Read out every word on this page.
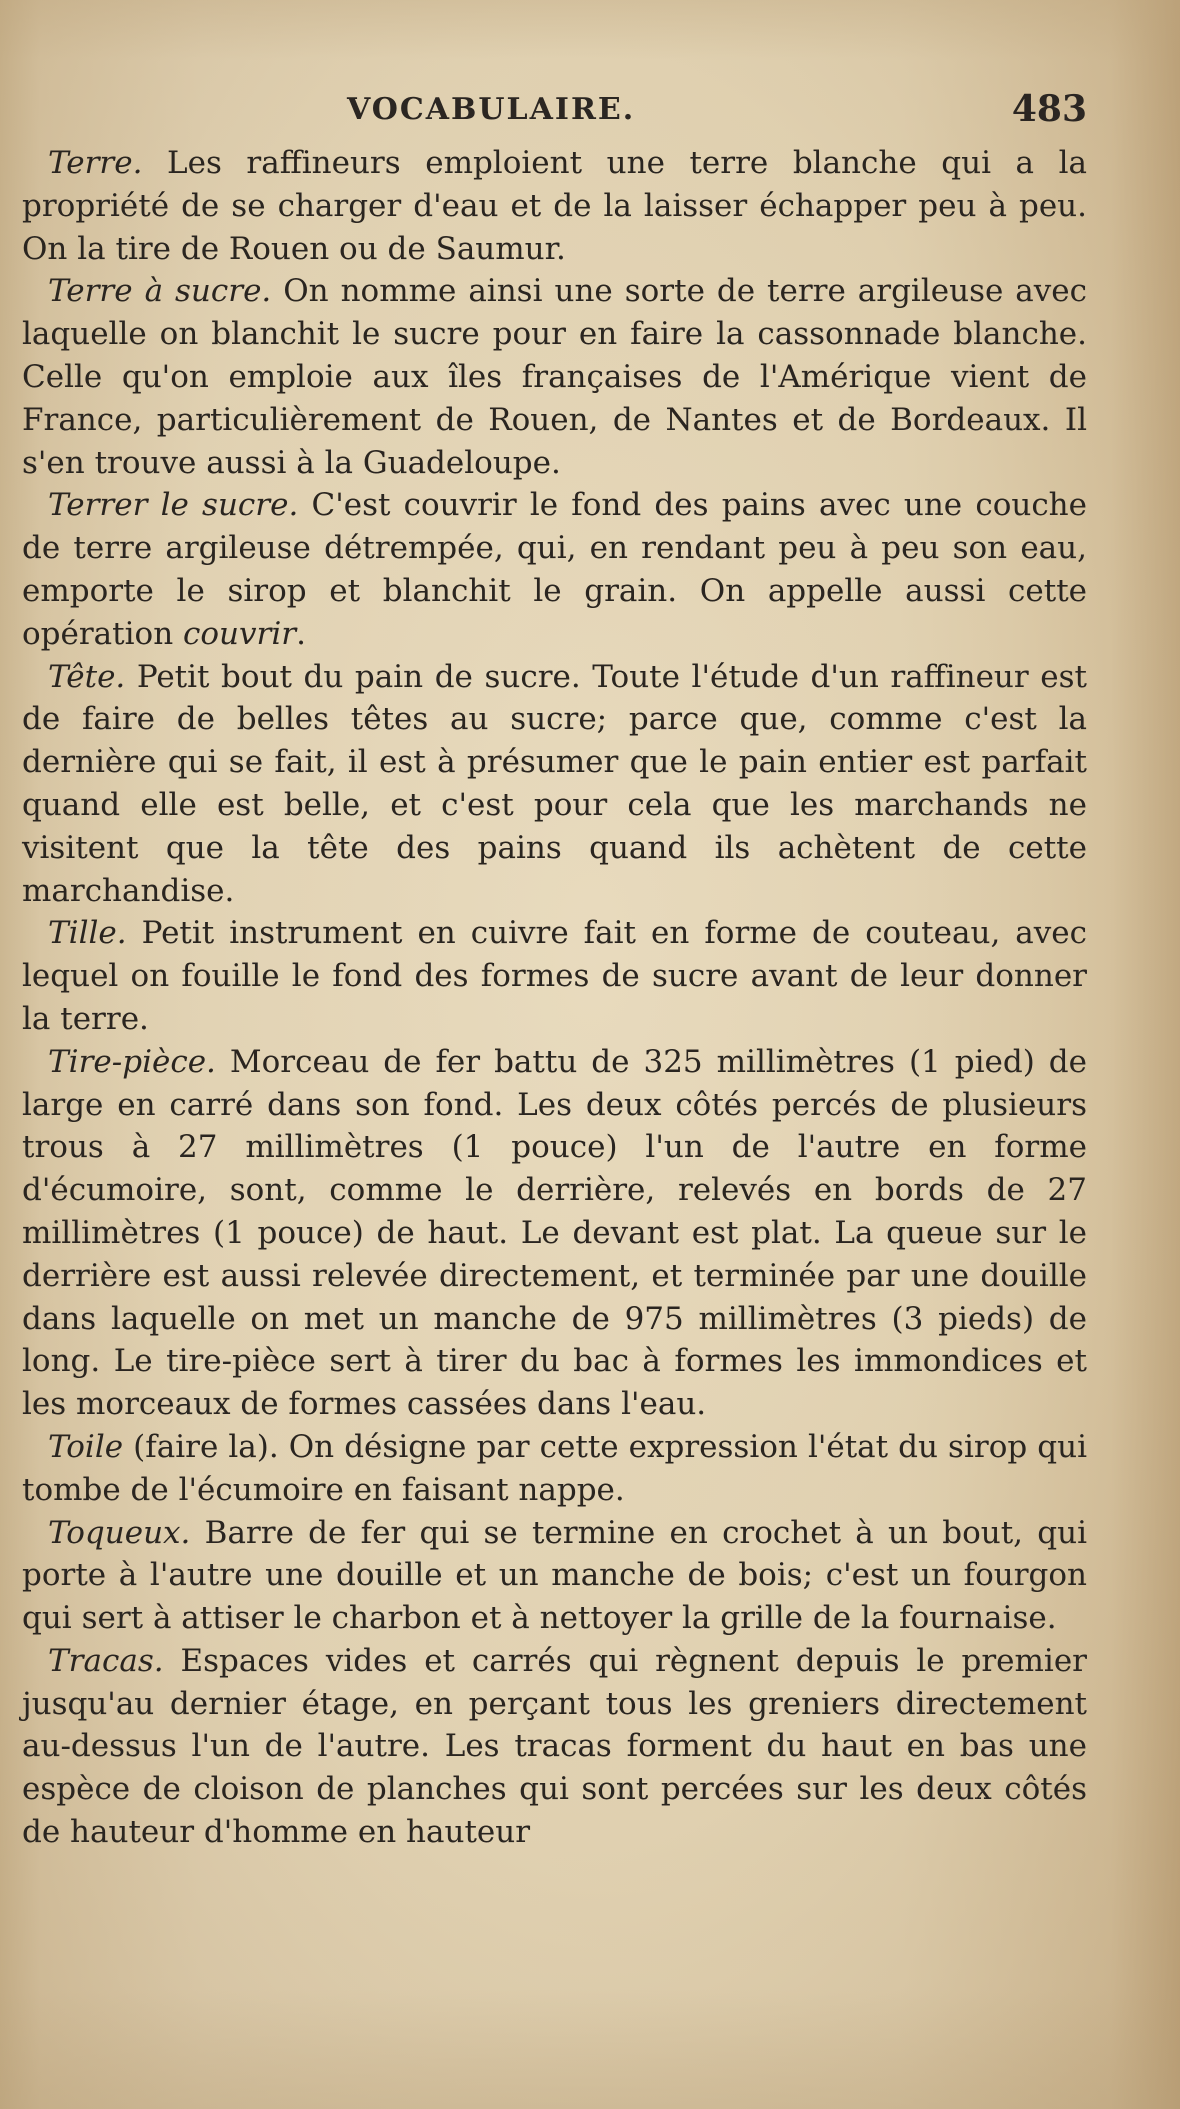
VOCABULAIRE.	483

Terre. Les raffineurs emploient une terre blanche qui a la propriété de se charger d'eau et de la laisser échapper peu à peu. On la tire de Rouen ou de Saumur.

Terre à sucre. On nomme ainsi une sorte de terre argileuse avec laquelle on blanchit le sucre pour en faire la cassonnade blanche. Celle qu'on emploie aux îles françaises de l'Amérique vient de France, particulièrement de Rouen, de Nantes et de Bordeaux. Il s'en trouve aussi à la Guadeloupe.

Terrer le sucre. C'est couvrir le fond des pains avec une couche de terre argileuse détrempée, qui, en rendant peu à peu son eau, emporte le sirop et blanchit le grain. On appelle aussi cette opération couvrir.

Tête. Petit bout du pain de sucre. Toute l'étude d'un raffineur est de faire de belles têtes au sucre; parce que, comme c'est la dernière qui se fait, il est à présumer que le pain entier est parfait quand elle est belle, et c'est pour cela que les marchands ne visitent que la tête des pains quand ils achètent de cette marchandise.

Tille. Petit instrument en cuivre fait en forme de couteau, avec lequel on fouille le fond des formes de sucre avant de leur donner la terre.

Tire-pièce. Morceau de fer battu de 325 millimètres (1 pied) de large en carré dans son fond. Les deux côtés percés de plusieurs trous à 27 millimètres (1 pouce) l'un de l'autre en forme d'écumoire, sont, comme le derrière, relevés en bords de 27 millimètres (1 pouce) de haut. Le devant est plat. La queue sur le derrière est aussi relevée directement, et terminée par une douille dans laquelle on met un manche de 975 millimètres (3 pieds) de long. Le tire-pièce sert à tirer du bac à formes les immondices et les morceaux de formes cassées dans l'eau.

Toile (faire la). On désigne par cette expression l'état du sirop qui tombe de l'écumoire en faisant nappe.

Toqueux. Barre de fer qui se termine en crochet à un bout, qui porte à l'autre une douille et un manche de bois; c'est un fourgon qui sert à attiser le charbon et à nettoyer la grille de la fournaise.

Tracas. Espaces vides et carrés qui règnent depuis le premier jusqu'au dernier étage, en perçant tous les greniers directement au-dessus l'un de l'autre. Les tracas forment du haut en bas une espèce de cloison de planches qui sont percées sur les deux côtés de hauteur d'homme en hauteur
